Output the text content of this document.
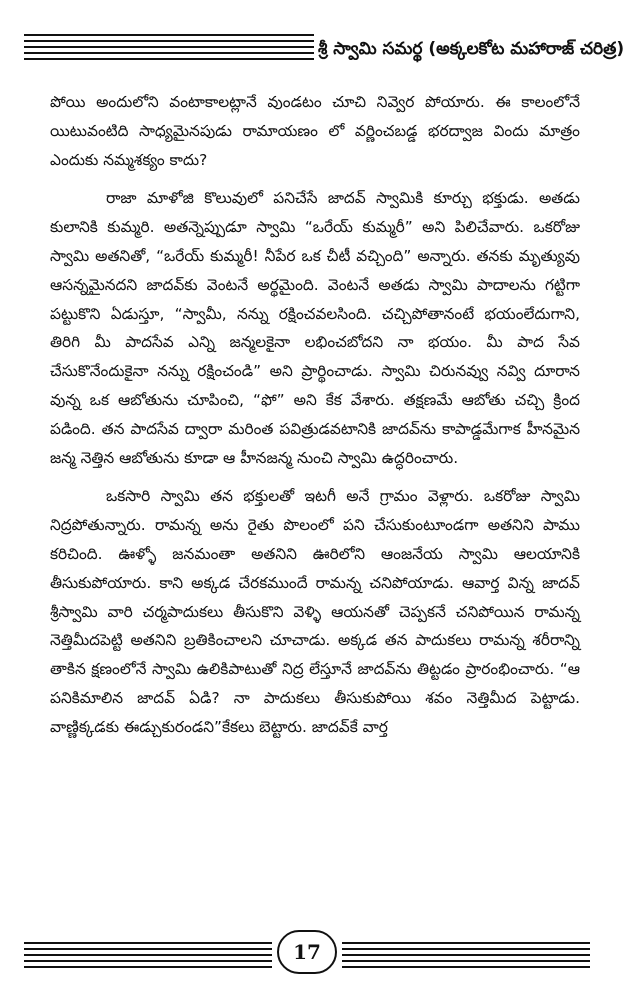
శ్రీ స్వామి సమర్థ (అక్కలకోట మహారాజ్ చరిత్ర)

పోయి అందులోని వంటాకాలట్లానే వుండటం చూచి నివ్వెర పోయారు. ఈ కాలంలోనే యిటువంటిది సాధ్యమైనపుడు రామాయణం లో వర్ణించబడ్డ భరద్వాజ విందు మాత్రం ఎందుకు నమ్మశక్యం కాదు?

రాజా మాళోజి కొలువులో పనిచేసే జాదవ్ స్వామికి కూర్చు భక్తుడు. అతడు కులానికి కుమ్మరి. అతన్నెప్పుడూ స్వామి “ఒరేయ్ కుమ్మరీ” అని పిలిచేవారు. ఒకరోజు స్వామి అతనితో, “ఒరేయ్ కుమ్మరీ! నీపేర ఒక చీటీ వచ్చింది” అన్నారు. తనకు మృత్యువు ఆసన్నమైనదని జాదవ్‌కు వెంటనే అర్థమైంది. వెంటనే అతడు స్వామి పాదాలను గట్టిగా పట్టుకొని ఏడుస్తూ, “స్వామీ, నన్ను రక్షించవలసింది. చచ్చిపోతానంటే భయంలేదుగాని, తిరిగి మీ పాదసేవ ఎన్ని జన్మలకైనా లభించబోదని నా భయం. మీ పాద సేవ చేసుకొనేందుకైనా నన్ను రక్షించండి” అని ప్రార్థించాడు. స్వామి చిరునవ్వు నవ్వి దూరాన వున్న ఒక ఆబోతును చూపించి, “ఫో” అని కేక వేశారు. తక్షణమే ఆబోతు చచ్చి క్రింద పడింది. తన పాదసేవ ద్వారా మరింత పవిత్రుడవటానికి జాదవ్‌ను కాపాడ్డమేగాక హీనమైన జన్మ నెత్తిన ఆబోతును కూడా ఆ హీనజన్మ నుంచి స్వామి ఉద్ధరించారు.

ఒకసారి స్వామి తన భక్తులతో ఇటగీ అనే గ్రామం వెళ్లారు. ఒకరోజు స్వామి నిద్రపోతున్నారు. రామన్న అను రైతు పొలంలో పని చేసుకుంటూండగా అతనిని పాము కరిచింది. ఊళ్ళో జనమంతా అతనిని ఊరిలోని ఆంజనేయ స్వామి ఆలయానికి తీసుకుపోయారు. కాని అక్కడ చేరకముందే రామన్న చనిపోయాడు. ఆవార్త విన్న జాదవ్ శ్రీస్వామి వారి చర్మపాదుకలు తీసుకొని వెళ్ళి ఆయనతో చెప్పకనే చనిపోయిన రామన్న నెత్తిమీదపెట్టి అతనిని బ్రతికించాలని చూచాడు. అక్కడ తన పాదుకలు రామన్న శరీరాన్ని తాకిన క్షణంలోనే స్వామి ఉలికిపాటుతో నిద్ర లేస్తూనే జాదవ్‌ను తిట్టడం ప్రారంభించారు. “ఆ పనికిమాలిన జాదవ్ ఏడి? నా పాదుకలు తీసుకుపోయి శవం నెత్తిమీద పెట్టాడు. వాణ్ణిక్కడకు ఈడ్చుకురండని”కేకలు బెట్టారు. జాదవ్‌కే వార్త

17
